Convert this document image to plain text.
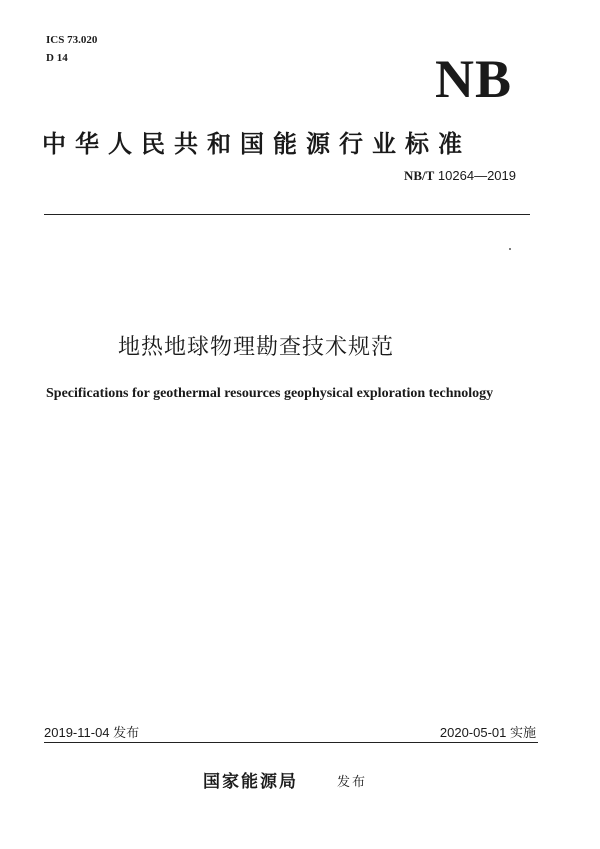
ICS 73.020
D 14	NB
中华人民共和国能源行业标准
NB/T 10264—2019
地热地球物理勘查技术规范
Specifications for geothermal resources geophysical exploration technology
2019-11-04 发布	2020-05-01 实施
国家能源局	发布
